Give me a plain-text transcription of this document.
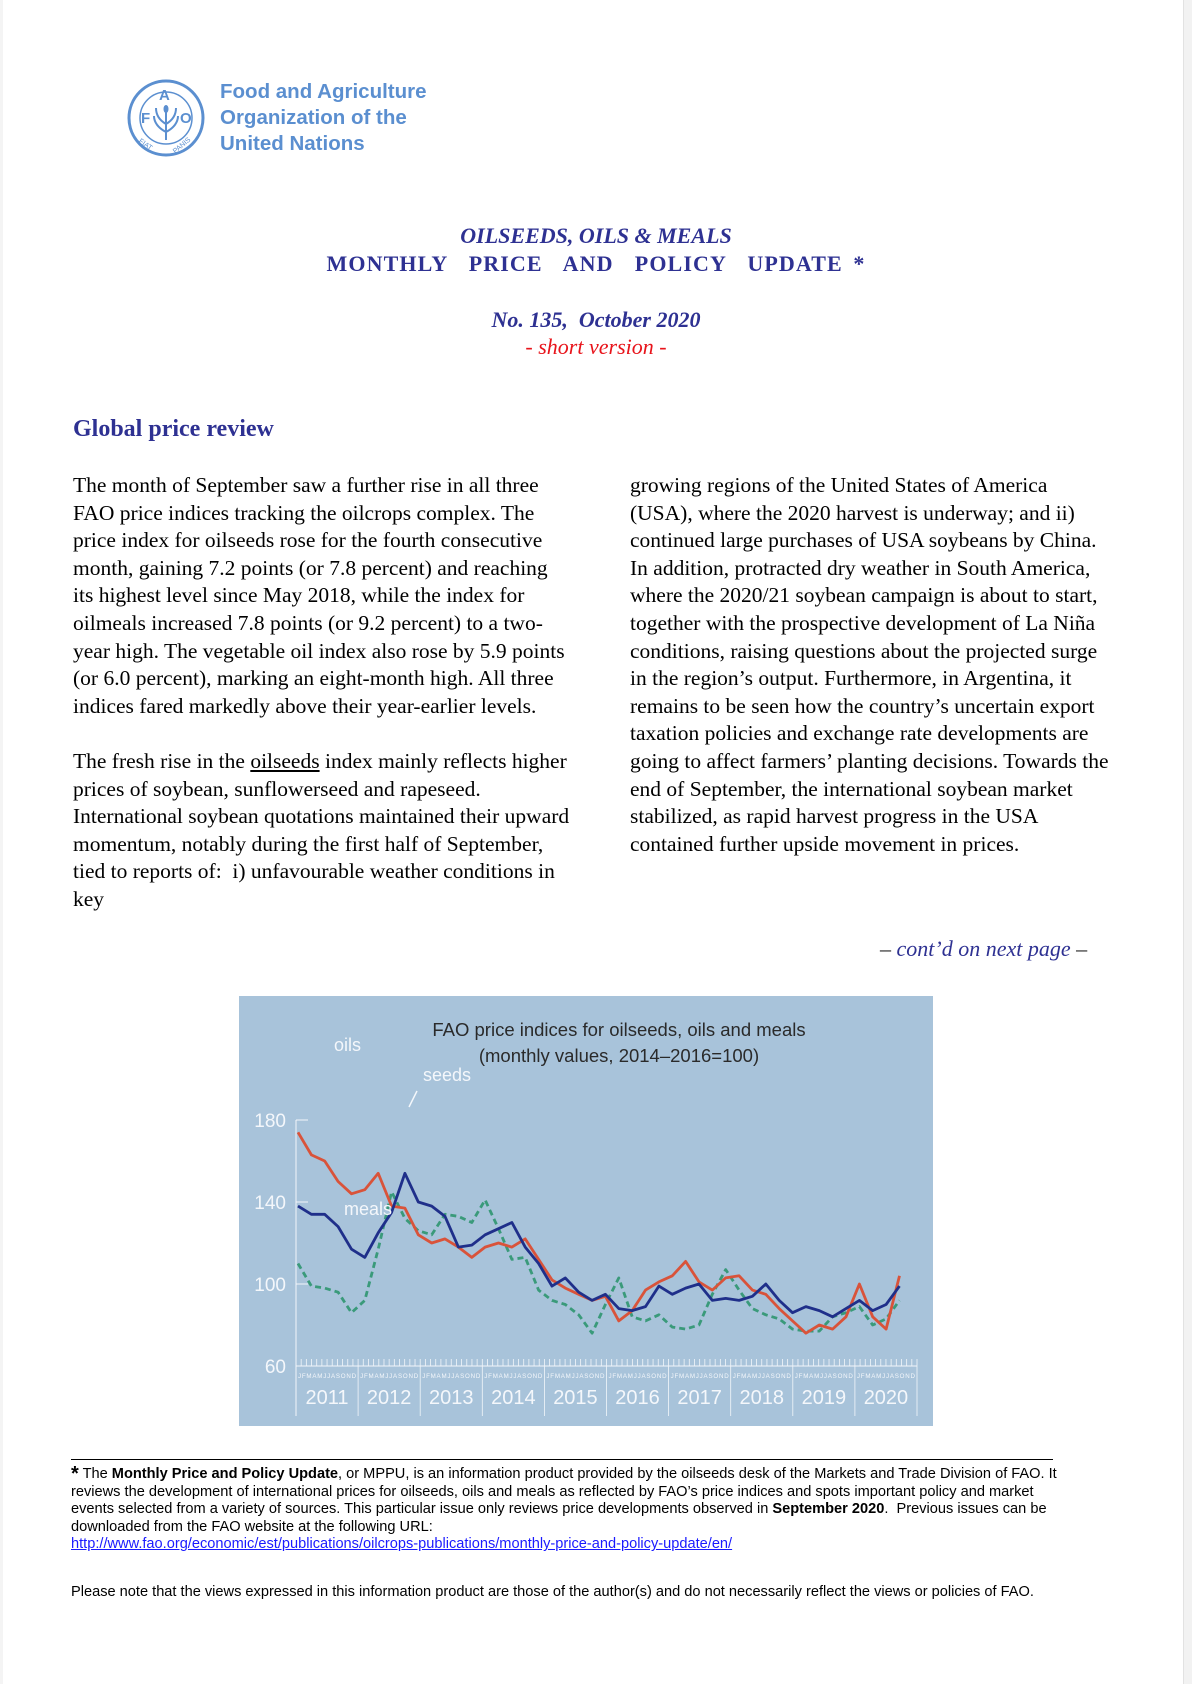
F
A
O
FIAT	PANIS
Food and Agriculture
Organization of the
United Nations
OILSEEDS, OILS & MEALS
MONTHLY  PRICE  AND  POLICY  UPDATE *
No. 135,  October 2020
- short version -
Global price review

The month of September saw a further rise in all three FAO price indices tracking the oilcrops complex. The price index for oilseeds rose for the fourth consecutive month, gaining 7.2 points (or 7.8 percent) and reaching its highest level since May 2018, while the index for oilmeals increased 7.8 points (or 9.2 percent) to a two-year high. The vegetable oil index also rose by 5.9 points (or 6.0 percent), marking an eight-month high. All three indices fared markedly above their year-earlier levels.

The fresh rise in the oilseeds index mainly reflects higher prices of soybean, sunflowerseed and rapeseed. International soybean quotations maintained their upward momentum, notably during the first half of September, tied to reports of:  i) unfavourable weather conditions in key

growing regions of the United States of America (USA), where the 2020 harvest is underway; and ii) continued large purchases of USA soybeans by China. In addition, protracted dry weather in South America, where the 2020/21 soybean campaign is about to start, together with the prospective development of La Niña conditions, raising questions about the projected surge in the region’s output. Furthermore, in Argentina, it remains to be seen how the country’s uncertain export taxation policies and exchange rate developments are going to affect farmers’ planting decisions. Towards the end of September, the international soybean market stabilized, as rapid harvest progress in the USA contained further upside movement in prices.

– cont’d on next page –
FAO price indices for oilseeds, oils and meals
(monthly values, 2014–2016=100)
60
100
140
180
JFMAMJJASOND
2011
JFMAMJJASOND
2012
JFMAMJJASOND
2013
JFMAMJJASOND
2014
JFMAMJJASOND
2015
JFMAMJJASOND
2016
JFMAMJJASOND
2017
JFMAMJJASOND
2018
JFMAMJJASOND
2019
JFMAMJJASOND
2020
oils
seeds
meals
* The Monthly Price and Policy Update, or MPPU, is an information product provided by the oilseeds desk of the Markets and Trade Division of FAO. It reviews the development of international prices for oilseeds, oils and meals as reflected by FAO’s price indices and spots important policy and market events selected from a variety of sources. This particular issue only reviews price developments observed in September 2020.  Previous issues can be downloaded from the FAO website at the following URL:
http://www.fao.org/economic/est/publications/oilcrops-publications/monthly-price-and-policy-update/en/
Please note that the views expressed in this information product are those of the author(s) and do not necessarily reflect the views or policies of FAO.
